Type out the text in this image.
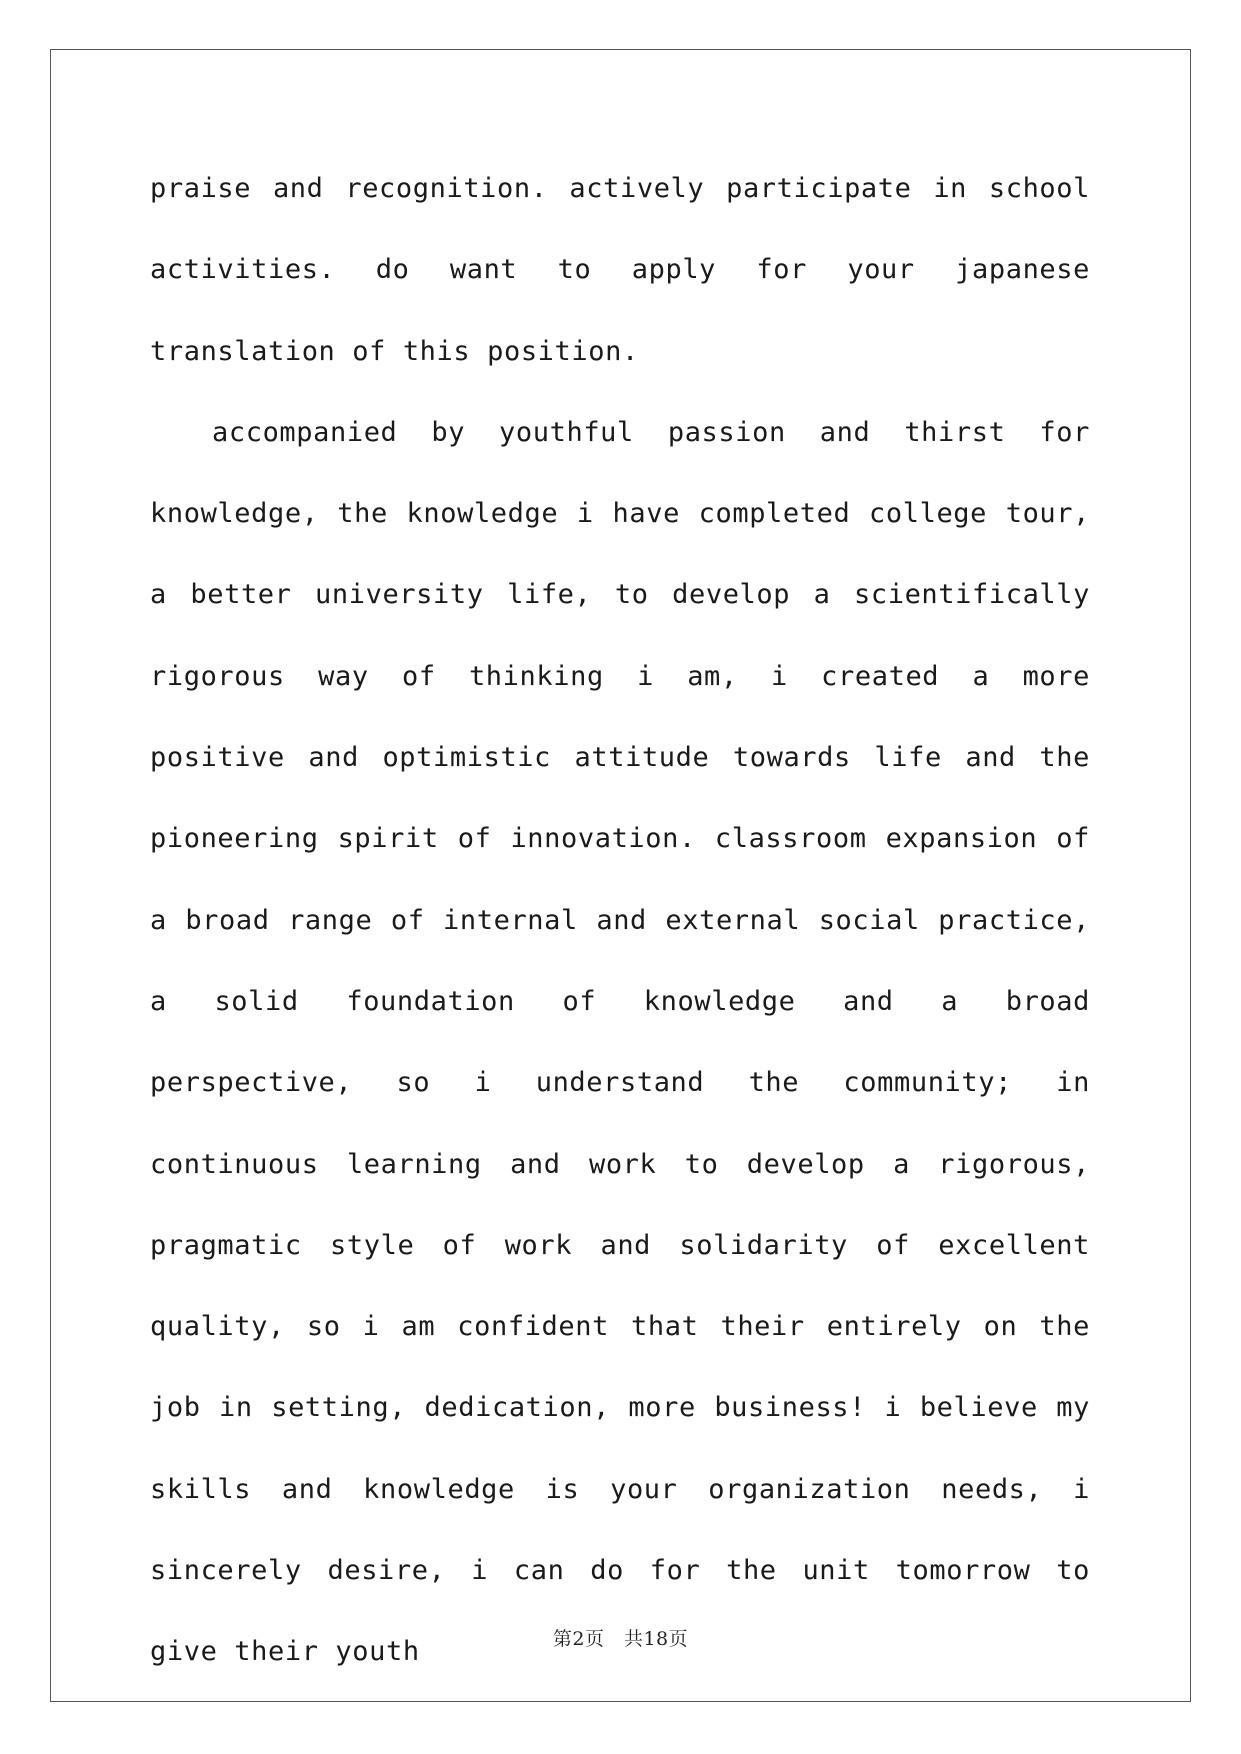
praise and recognition. actively participate in school activities. do want to apply for your japanese translation of this position.

accompanied by youthful passion and thirst for knowledge, the knowledge i have completed college tour, a better university life, to develop a scientifically rigorous way of thinking i am, i created a more positive and optimistic attitude towards life and the pioneering spirit of innovation. classroom expansion of a broad range of internal and external social practice, a solid foundation of knowledge and a broad perspective, so i understand the community; in continuous learning and work to develop a rigorous, pragmatic style of work and solidarity of excellent quality, so i am confident that their entirely on the job in setting, dedication, more business! i believe my skills and knowledge is your organization needs, i sincerely desire, i can do for the unit tomorrow to give their youth	第2页　共18页
